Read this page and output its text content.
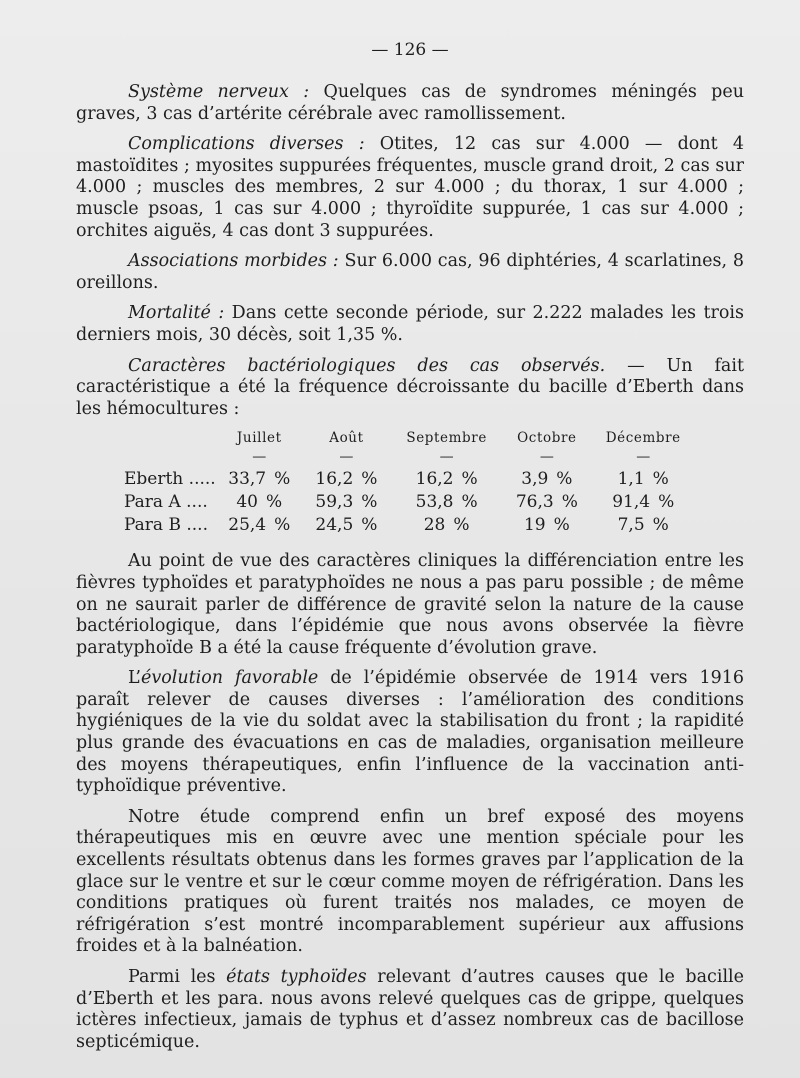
— 126 —

Système nerveux : Quelques cas de syndromes méningés peu graves, 3 cas d’artérite cérébrale avec ramollissement.

Complications diverses : Otites, 12 cas sur 4.000 — dont 4 mastoïdites ; myosites suppurées fréquentes, muscle grand droit, 2 cas sur 4.000 ; muscles des membres, 2 sur 4.000 ; du thorax, 1 sur 4.000 ; muscle psoas, 1 cas sur 4.000 ; thyroïdite suppurée, 1 cas sur 4.000 ; orchites aiguës, 4 cas dont 3 suppurées.

Associations morbides : Sur 6.000 cas, 96 diphtéries, 4 scarlatines, 8 oreillons.

Mortalité : Dans cette seconde période, sur 2.222 malades les trois derniers mois, 30 décès, soit 1,35 %.

Caractères bactériologiques des cas observés. — Un fait caractéristique a été la fréquence décroissante du bacille d’Eberth dans les hémocultures :

	Juillet	Août	Septembre	Octobre	Décembre
	—	—	—	—	—
Eberth .....	33,7 %	16,2 %	16,2 %	3,9 %	1,1 %
Para A ....	40 %	59,3 %	53,8 %	76,3 %	91,4 %
Para B ....	25,4 %	24,5 %	28 %	19 %	7,5 %

Au point de vue des caractères cliniques la différenciation entre les fièvres typhoïdes et paratyphoïdes ne nous a pas paru possible ; de même on ne saurait parler de différence de gravité selon la nature de la cause bactériologique, dans l’épidémie que nous avons observée la fièvre paratyphoïde B a été la cause fréquente d’évolution grave.

L’évolution favorable de l’épidémie observée de 1914 vers 1916 paraît relever de causes diverses : l’amélioration des conditions hygiéniques de la vie du soldat avec la stabilisation du front ; la rapidité plus grande des évacuations en cas de maladies, organisation meilleure des moyens thérapeutiques, enfin l’influence de la vaccination anti-typhoïdique préventive.

Notre étude comprend enfin un bref exposé des moyens thérapeutiques mis en œuvre avec une mention spéciale pour les excellents résultats obtenus dans les formes graves par l’application de la glace sur le ventre et sur le cœur comme moyen de réfrigération. Dans les conditions pratiques où furent traités nos malades, ce moyen de réfrigération s’est montré incomparablement supérieur aux affusions froides et à la balnéation.

Parmi les états typhoïdes relevant d’autres causes que le bacille d’Eberth et les para. nous avons relevé quelques cas de grippe, quelques ictères infectieux, jamais de typhus et d’assez nombreux cas de bacillose septicémique.
